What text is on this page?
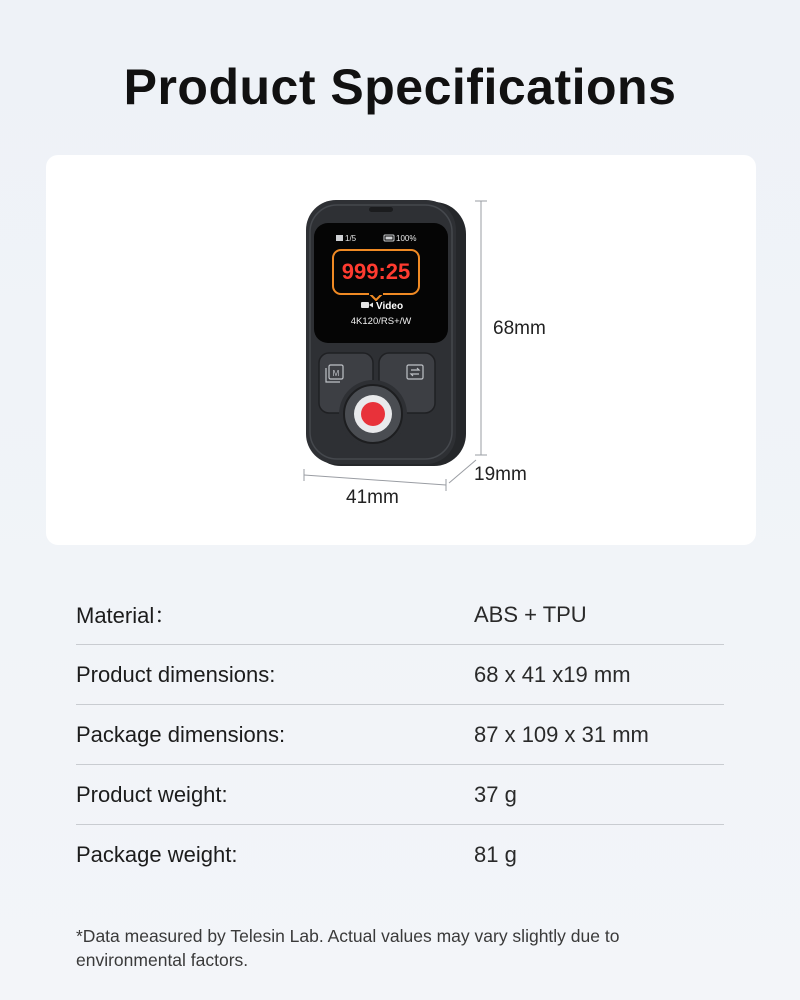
Product Specifications
1/5	100%
999:25
Video
4K120/RS+/W
M
68mm
41mm
19mm
Material：	ABS + TPU
Product dimensions:	68 x 41 x19 mm
Package dimensions:	87 x 109 x 31 mm
Product weight:	37 g
Package weight:	81 g

*Data measured by Telesin Lab. Actual values may vary slightly due to environmental factors.
